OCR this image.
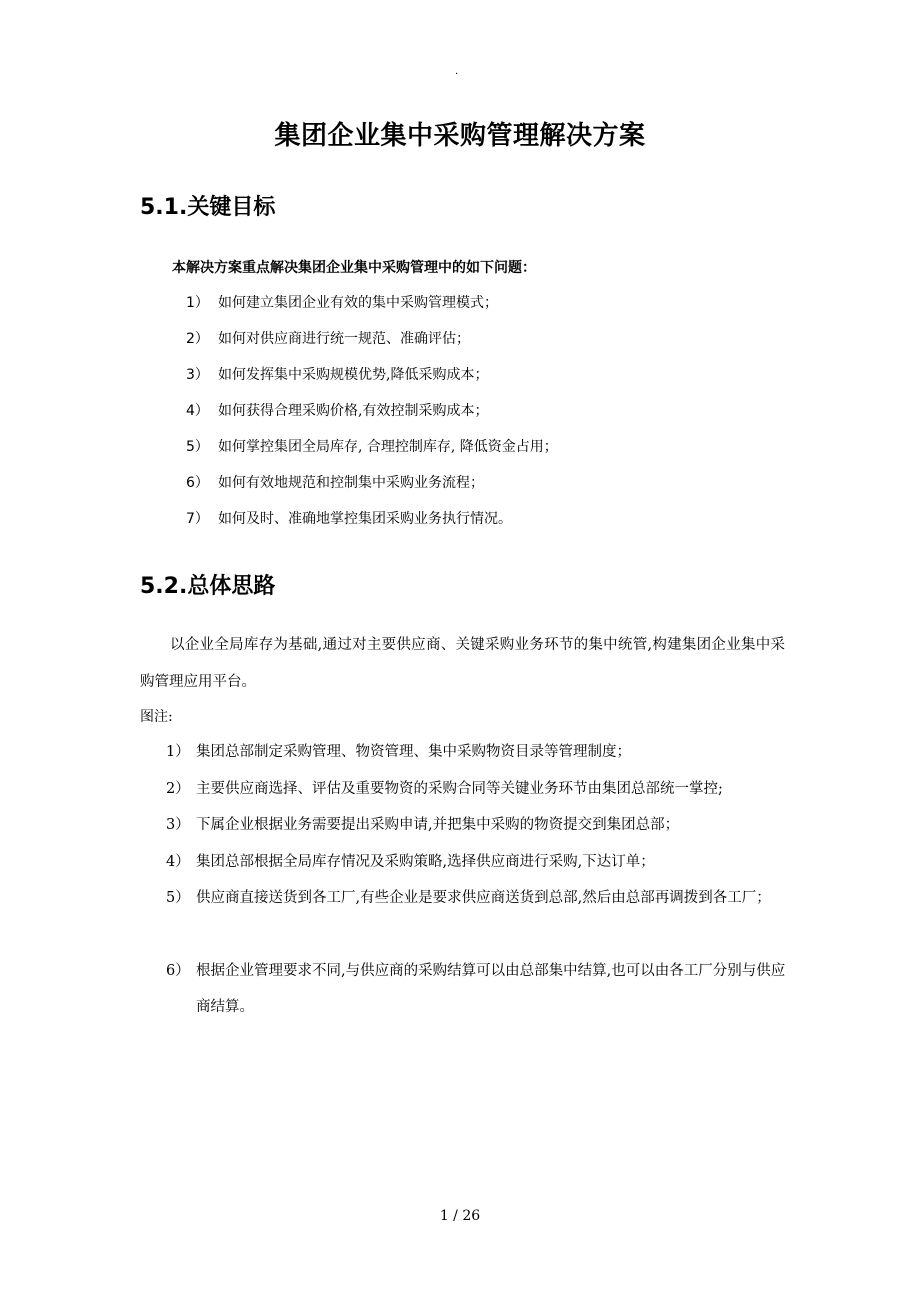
.
集团企业集中采购管理解决方案
5.1.关键目标
本解决方案重点解决集团企业集中采购管理中的如下问题：
1） 如何建立集团企业有效的集中采购管理模式；
2） 如何对供应商进行统一规范、准确评估；
3） 如何发挥集中采购规模优势,降低采购成本；
4） 如何获得合理采购价格,有效控制采购成本；
5） 如何掌控集团全局库存, 合理控制库存, 降低资金占用；
6） 如何有效地规范和控制集中采购业务流程；
7） 如何及时、准确地掌控集团采购业务执行情况。
5.2.总体思路
以企业全局库存为基础,通过对主要供应商、关键采购业务环节的集中统管,构建集团企业集中采购管理应用平台。
图注:
1） 集团总部制定采购管理、物资管理、集中采购物资目录等管理制度；
2） 主要供应商选择、评估及重要物资的采购合同等关键业务环节由集团总部统一掌控;
3） 下属企业根据业务需要提出采购申请,并把集中采购的物资提交到集团总部；
4） 集团总部根据全局库存情况及采购策略,选择供应商进行采购,下达订单；
5） 供应商直接送货到各工厂,有些企业是要求供应商送货到总部,然后由总部再调拨到各工厂；
6） 根据企业管理要求不同,与供应商的采购结算可以由总部集中结算,也可以由各工厂分别与供应商结算。
1 / 26
